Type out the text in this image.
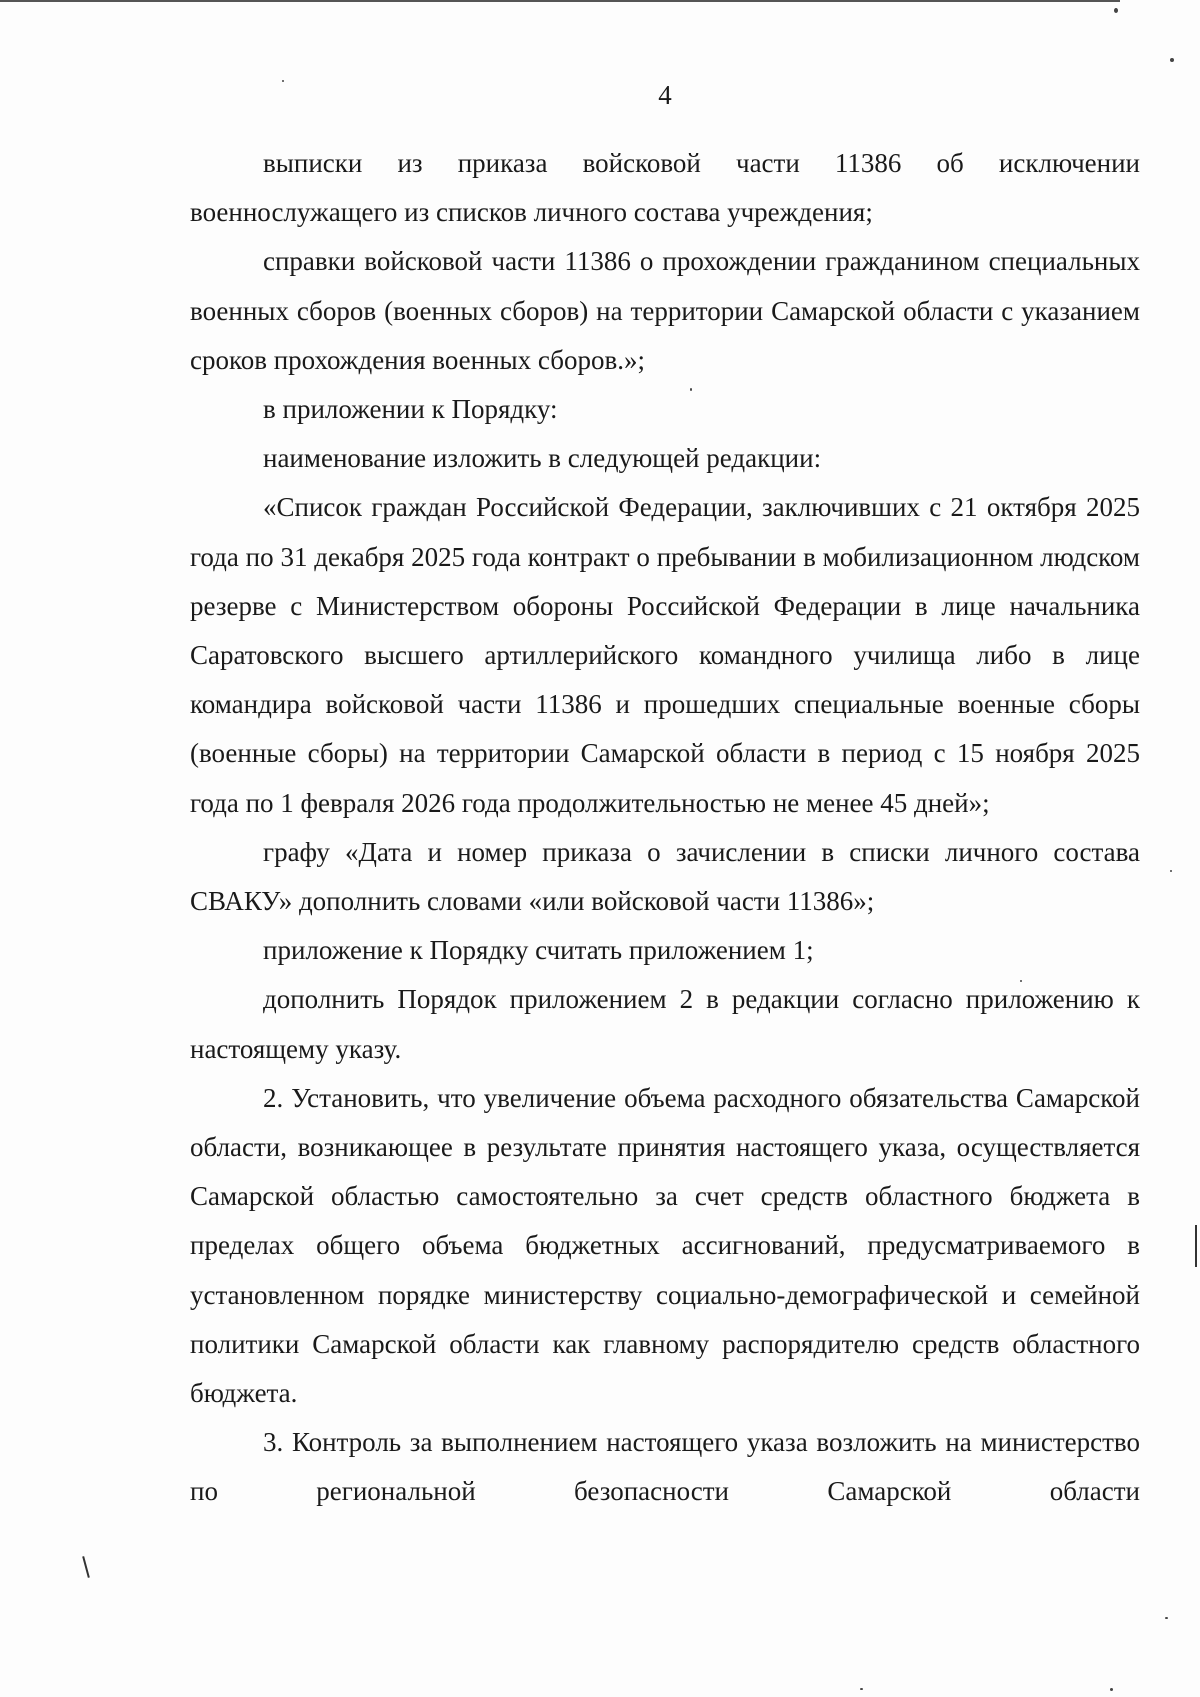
4

выписки из приказа войсковой части 11386 об исключении военнослужащего из списков личного состава учреждения;

справки войсковой части 11386 о прохождении гражданином специальных военных сборов (военных сборов) на территории Самарской области с указанием сроков прохождения военных сборов.»;

в приложении к Порядку:

наименование изложить в следующей редакции:

«Список граждан Российской Федерации, заключивших с 21 октября 2025 года по 31 декабря 2025 года контракт о пребывании в мобилизационном людском резерве с Министерством обороны Российской Федерации в лице начальника Саратовского высшего артиллерийского командного училища либо в лице командира войсковой части 11386 и прошедших специальные военные сборы (военные сборы) на территории Самарской области в период с 15 ноября 2025 года по 1 февраля 2026 года продолжительностью не менее 45 дней»;

графу «Дата и номер приказа о зачислении в списки личного состава СВАКУ» дополнить словами «или войсковой части 11386»;

приложение к Порядку считать приложением 1;

дополнить Порядок приложением 2 в редакции согласно приложению к настоящему указу.

2. Установить, что увеличение объема расходного обязательства Самарской области, возникающее в результате принятия настоящего указа, осуществляется Самарской областью самостоятельно за счет средств областного бюджета в пределах общего объема бюджетных ассигнований, предусматриваемого в установленном порядке министерству социально-демографической и семейной политики Самарской области как главному распорядителю средств областного бюджета.

3. Контроль за выполнением настоящего указа возложить на министерство по региональной безопасности Самарской области
